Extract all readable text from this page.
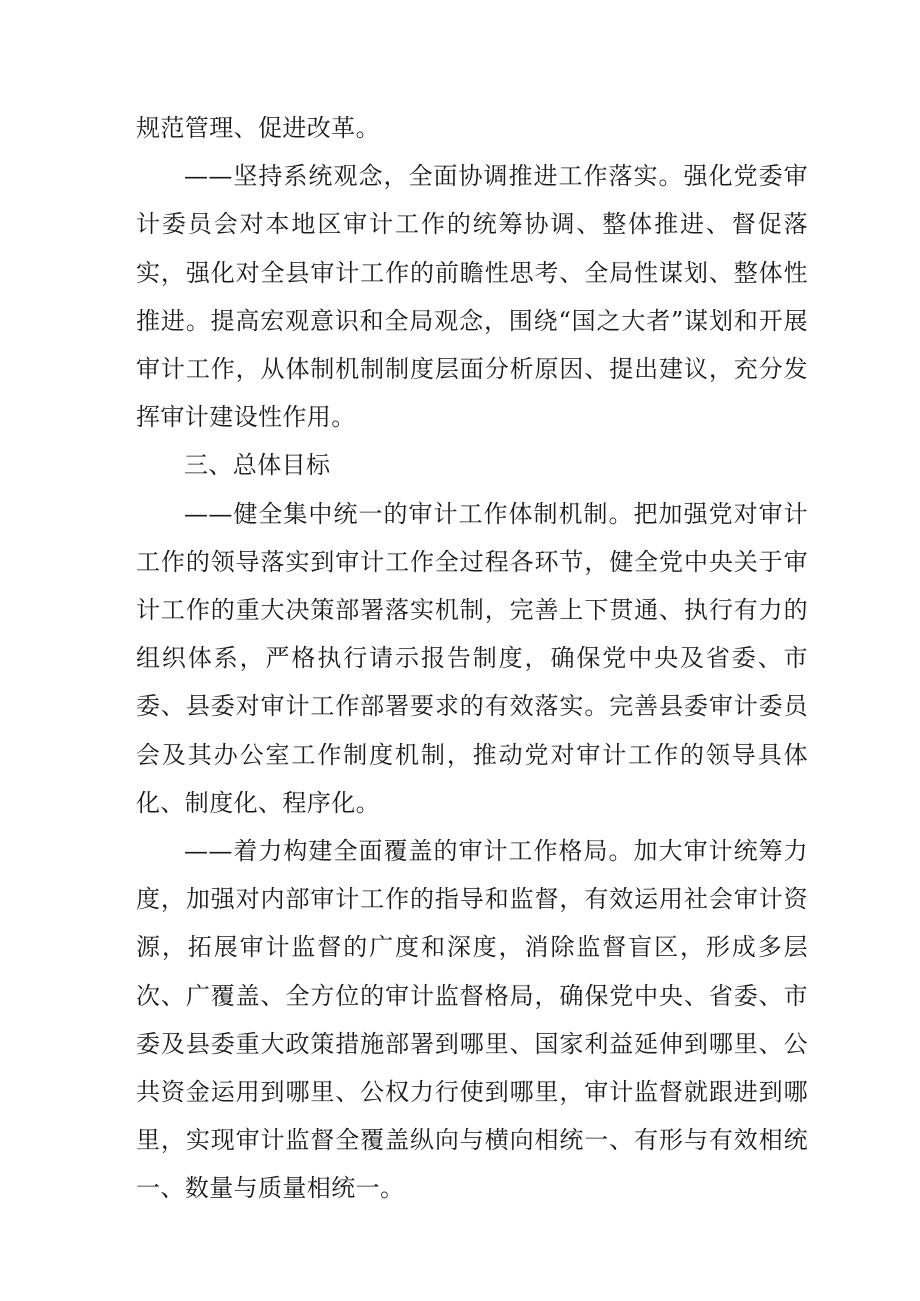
规范管理、促进改革。

——坚持系统观念，全面协调推进工作落实。强化党委审计委员会对本地区审计工作的统筹协调、整体推进、督促落实，强化对全县审计工作的前瞻性思考、全局性谋划、整体性推进。提高宏观意识和全局观念，围绕“国之大者”谋划和开展审计工作，从体制机制制度层面分析原因、提出建议，充分发挥审计建设性作用。

三、总体目标

——健全集中统一的审计工作体制机制。把加强党对审计工作的领导落实到审计工作全过程各环节，健全党中央关于审计工作的重大决策部署落实机制，完善上下贯通、执行有力的组织体系，严格执行请示报告制度，确保党中央及省委、市委、县委对审计工作部署要求的有效落实。完善县委审计委员会及其办公室工作制度机制，推动党对审计工作的领导具体化、制度化、程序化。

——着力构建全面覆盖的审计工作格局。加大审计统筹力度，加强对内部审计工作的指导和监督，有效运用社会审计资源，拓展审计监督的广度和深度，消除监督盲区，形成多层次、广覆盖、全方位的审计监督格局，确保党中央、省委、市委及县委重大政策措施部署到哪里、国家利益延伸到哪里、公共资金运用到哪里、公权力行使到哪里，审计监督就跟进到哪里，实现审计监督全覆盖纵向与横向相统一、有形与有效相统一、数量与质量相统一。
